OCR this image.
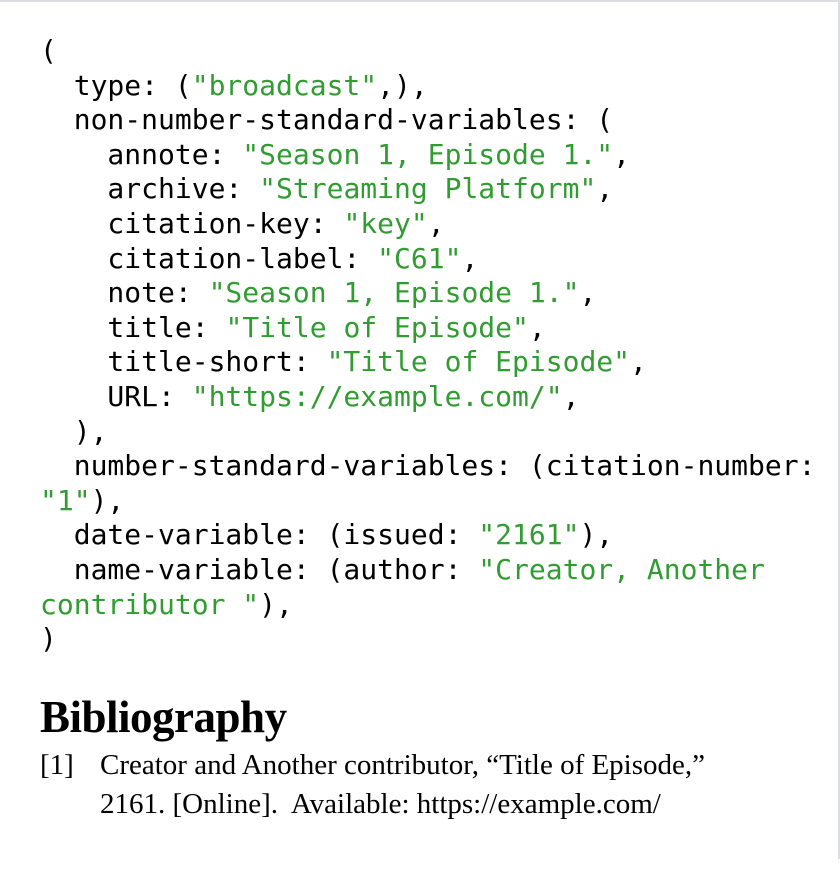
(
type: ("broadcast",),
non-number-standard-variables: (
annote: "Season 1, Episode 1.",
archive: "Streaming Platform",
citation-key: "key",
citation-label: "C61",
note: "Season 1, Episode 1.",
title: "Title of Episode",
title-short: "Title of Episode",
URL: "https://example.com/",
),
number-standard-variables: (citation-number:
"1"),
date-variable: (issued: "2161"),
name-variable: (author: "Creator, Another
contributor "),
)
Bibliography
[1] Creator and Another contributor, “Title of Episode,”
2161. [Online].  Available: https://example.com/
